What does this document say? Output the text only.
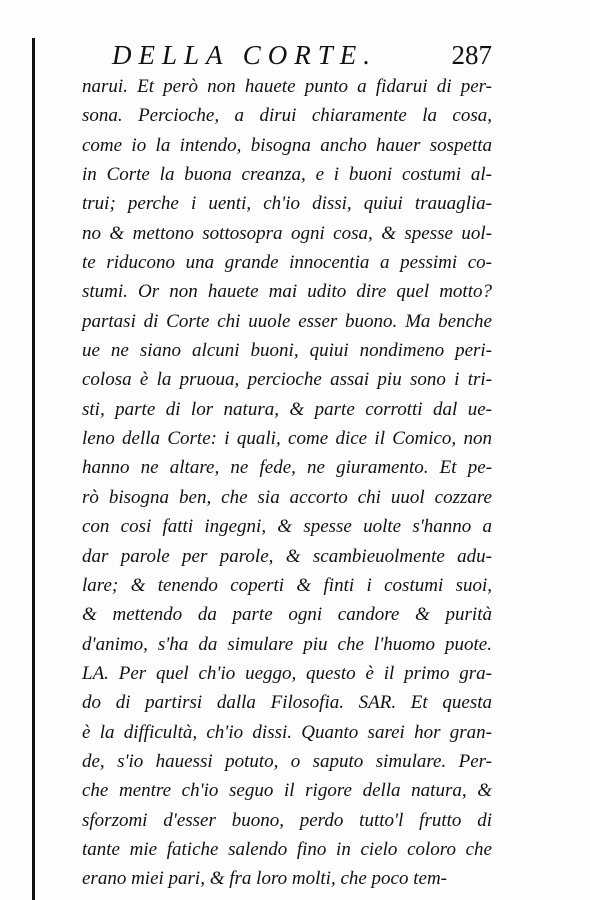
DELLA CORTE.	287
narui. Et però non hauete punto a fidarui di per-
sona. Percioche, a dirui chiaramente la cosa,
come io la intendo, bisogna ancho hauer sospetta
in Corte la buona creanza, e i buoni costumi al-
trui; perche i uenti, ch'io dissi, quiui trauaglia-
no & mettono sottosopra ogni cosa, & spesse uol-
te riducono una grande innocentia a pessimi co-
stumi. Or non hauete mai udito dire quel motto?
partasi di Corte chi uuole esser buono. Ma benche
ue ne siano alcuni buoni, quiui nondimeno peri-
colosa è la pruoua, percioche assai piu sono i tri-
sti, parte di lor natura, & parte corrotti dal ue-
leno della Corte: i quali, come dice il Comico, non
hanno ne altare, ne fede, ne giuramento. Et pe-
rò bisogna ben, che sia accorto chi uuol cozzare
con cosi fatti ingegni, & spesse uolte s'hanno a
dar parole per parole, & scambieuolmente adu-
lare; & tenendo coperti & finti i costumi suoi,
& mettendo da parte ogni candore & purità
d'animo, s'ha da simulare piu che l'huomo puote.
LA. Per quel ch'io ueggo, questo è il primo gra-
do di partirsi dalla Filosofia. SAR. Et questa
è la difficultà, ch'io dissi. Quanto sarei hor gran-
de, s'io hauessi potuto, o saputo simulare. Per-
che mentre ch'io seguo il rigore della natura, &
sforzomi d'esser buono, perdo tutto'l frutto di
tante mie fatiche salendo fino in cielo coloro che
erano miei pari, & fra loro molti, che poco tem-
